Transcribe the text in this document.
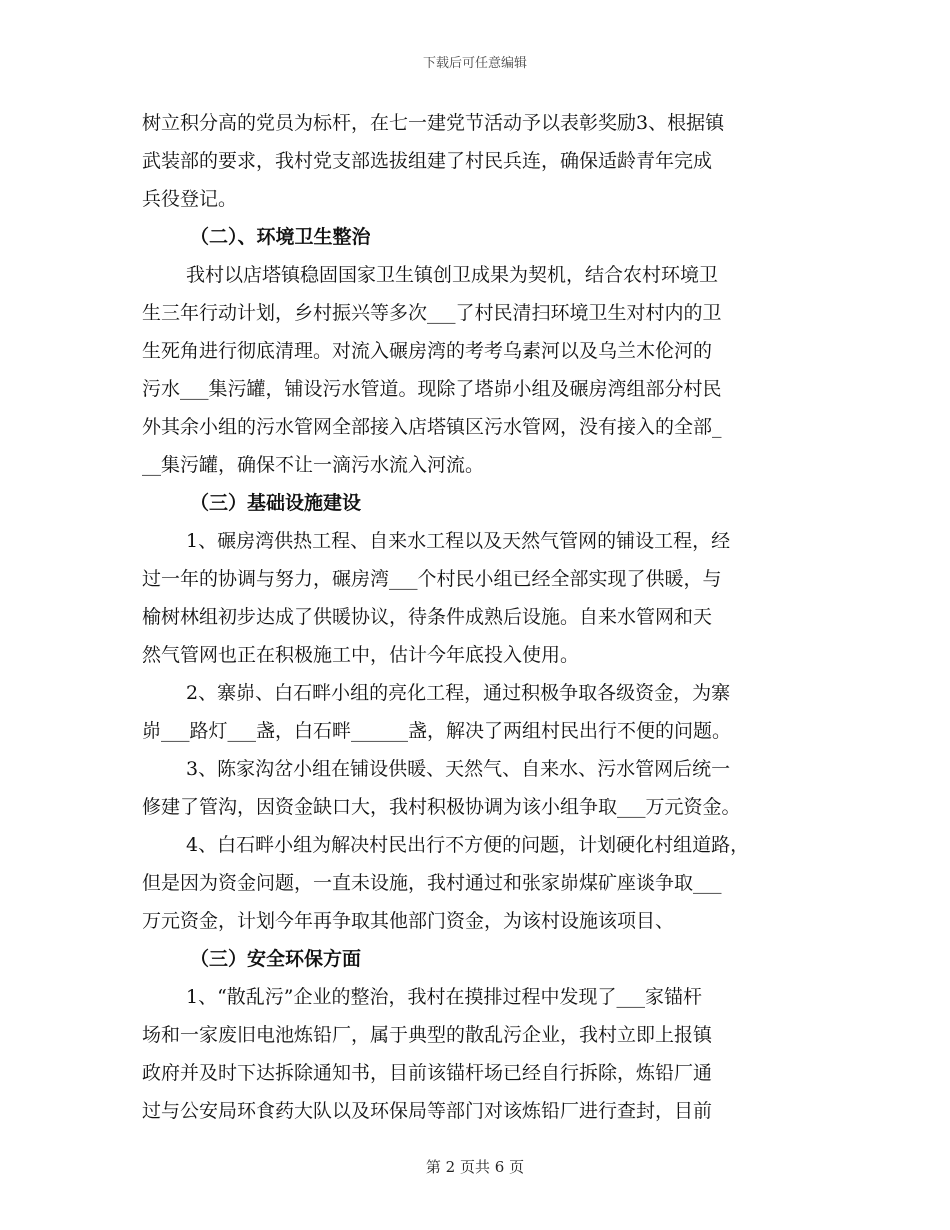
下载后可任意编辑
树立积分高的党员为标杆，在七一建党节活动予以表彰奖励3、根据镇
武装部的要求，我村党支部选拔组建了村民兵连，确保适龄青年完成
兵役登记。
（二）、环境卫生整治
我村以店塔镇稳固国家卫生镇创卫成果为契机，结合农村环境卫
生三年行动计划，乡村振兴等多次___了村民清扫环境卫生对村内的卫
生死角进行彻底清理。对流入碾房湾的考考乌素河以及乌兰木伦河的
污水___集污罐，铺设污水管道。现除了塔峁小组及碾房湾组部分村民
外其余小组的污水管网全部接入店塔镇区污水管网，没有接入的全部_
__集污罐，确保不让一滴污水流入河流。
（三）基础设施建设
1、碾房湾供热工程、自来水工程以及天然气管网的铺设工程，经
过一年的协调与努力，碾房湾___个村民小组已经全部实现了供暖，与
榆树林组初步达成了供暖协议，待条件成熟后设施。自来水管网和天
然气管网也正在积极施工中，估计今年底投入使用。
2、寨峁、白石畔小组的亮化工程，通过积极争取各级资金，为寨
峁___路灯___盏，白石畔______盏，解决了两组村民出行不便的问题。
3、陈家沟岔小组在铺设供暖、天然气、自来水、污水管网后统一
修建了管沟，因资金缺口大，我村积极协调为该小组争取___万元资金。
4、白石畔小组为解决村民出行不方便的问题，计划硬化村组道路，
但是因为资金问题，一直未设施，我村通过和张家峁煤矿座谈争取___
万元资金，计划今年再争取其他部门资金，为该村设施该项目、
（三）安全环保方面
1、“散乱污”企业的整治，我村在摸排过程中发现了___家锚杆
场和一家废旧电池炼铅厂，属于典型的散乱污企业，我村立即上报镇
政府并及时下达拆除通知书，目前该锚杆场已经自行拆除，炼铅厂通
过与公安局环食药大队以及环保局等部门对该炼铅厂进行查封，目前
第 2 页共 6 页
